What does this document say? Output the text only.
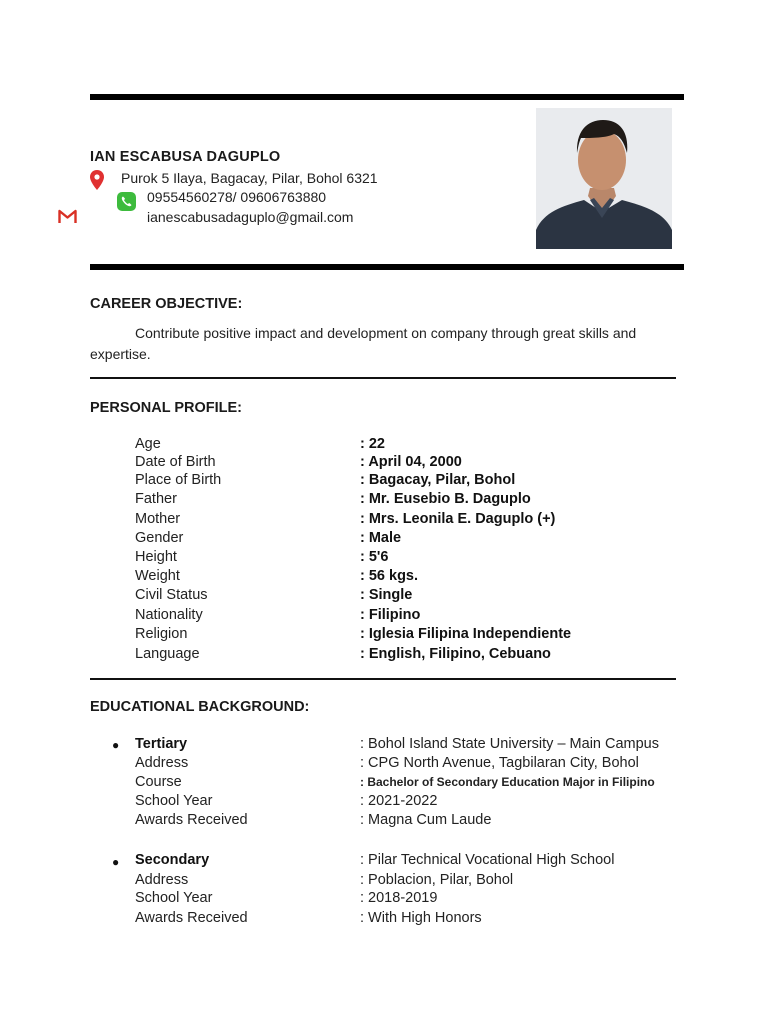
IAN ESCABUSA DAGUPLO
Purok 5 Ilaya, Bagacay, Pilar, Bohol 6321
09554560278/ 09606763880
ianescabusadaguplo@gmail.com
CAREER OBJECTIVE:
Contribute positive impact and development on company through great skills and expertise.
PERSONAL PROFILE:
Age	: 22
Date of Birth	: April 04, 2000
Place of Birth	: Bagacay, Pilar, Bohol
Father	: Mr. Eusebio B. Daguplo
Mother	: Mrs. Leonila E. Daguplo (+)
Gender	: Male
Height	: 5'6
Weight	: 56 kgs.
Civil Status	: Single
Nationality	: Filipino
Religion	: Iglesia Filipina Independiente
Language	: English, Filipino, Cebuano
EDUCATIONAL BACKGROUND:
● Tertiary	: Bohol Island State University – Main Campus
Address	: CPG North Avenue, Tagbilaran City, Bohol
Course	: Bachelor of Secondary Education Major in Filipino
School Year	: 2021-2022
Awards Received	: Magna Cum Laude
● Secondary	: Pilar Technical Vocational High School
Address	: Poblacion, Pilar, Bohol
School Year	: 2018-2019
Awards Received	: With High Honors
